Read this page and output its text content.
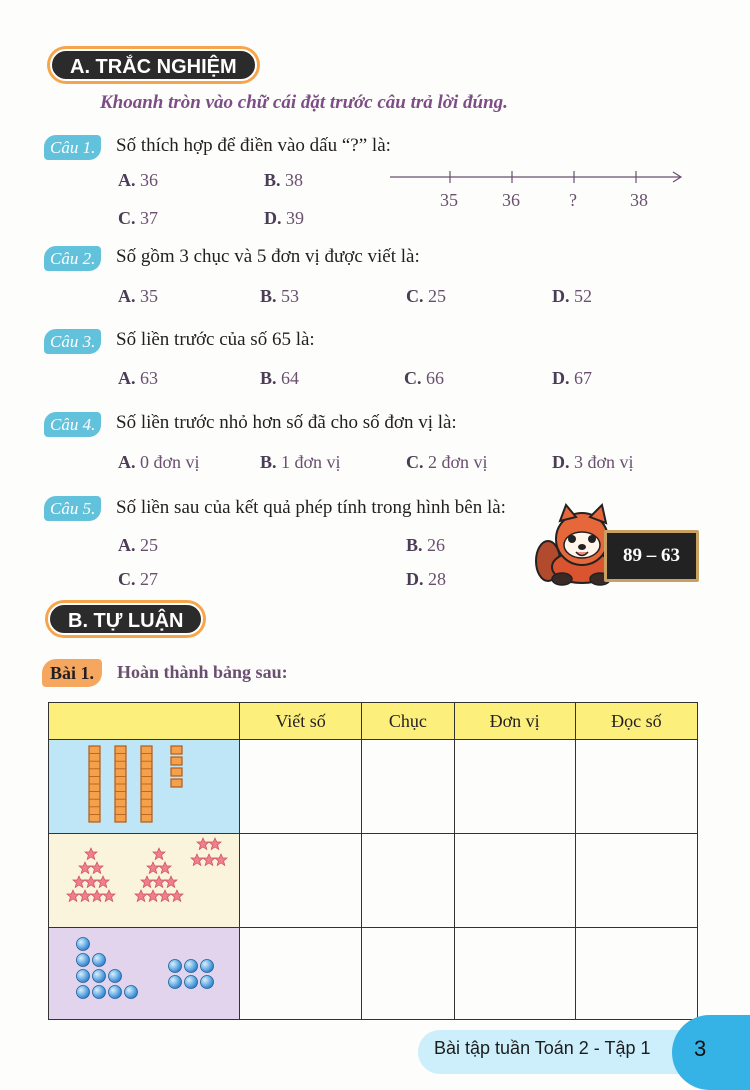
A. TRẮC NGHIỆM
Khoanh tròn vào chữ cái đặt trước câu trả lời đúng.
Câu 1.	Số thích hợp để điền vào dấu “?” là:
A. 36	B. 38
C. 37	D. 39
35 36	?	38
Câu 2.	Số gồm 3 chục và 5 đơn vị được viết là:
A. 35	B. 53	C. 25	D. 52
Câu 3.	Số liền trước của số 65 là:
A. 63	B. 64	C. 66	D. 67
Câu 4.	Số liền trước nhỏ hơn số đã cho số đơn vị là:
A. 0 đơn vị	B. 1 đơn vị	C. 2 đơn vị	D. 3 đơn vị
Câu 5.	Số liền sau của kết quả phép tính trong hình bên là:
A. 25	B. 26
C. 27	D. 28
89 – 63
B. TỰ LUẬN
Bài 1.	Hoàn thành bảng sau:
	Viết số	Chục	Đơn vị	Đọc số

Bài tập tuần Toán 2 - Tập 1 3
